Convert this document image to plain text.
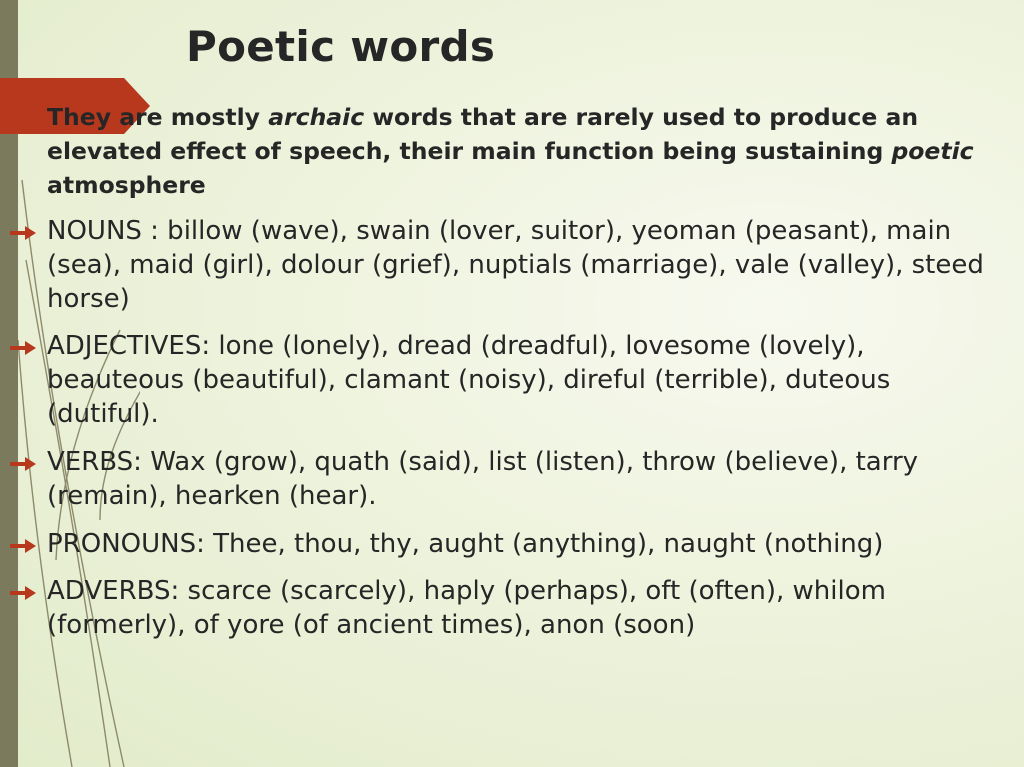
Poetic words

They are mostly archaic words that are rarely used to produce an elevated effect of speech, their main function being sustaining poetic atmosphere

NOUNS : billow (wave), swain (lover, suitor), yeoman (peasant), main (sea), maid (girl), dolour (grief), nuptials (marriage), vale (valley), steed horse)
ADJECTIVES: lone (lonely), dread (dreadful), lovesome (lovely), beauteous (beautiful), clamant (noisy), direful (terrible), duteous (dutiful).
VERBS: Wax (grow), quath (said), list (listen), throw (believe), tarry (remain), hearken (hear).
PRONOUNS: Thee, thou, thy, aught (anything), naught (nothing)
ADVERBS: scarce (scarcely), haply (perhaps), oft (often), whilom (formerly), of yore (of ancient times), anon (soon)
